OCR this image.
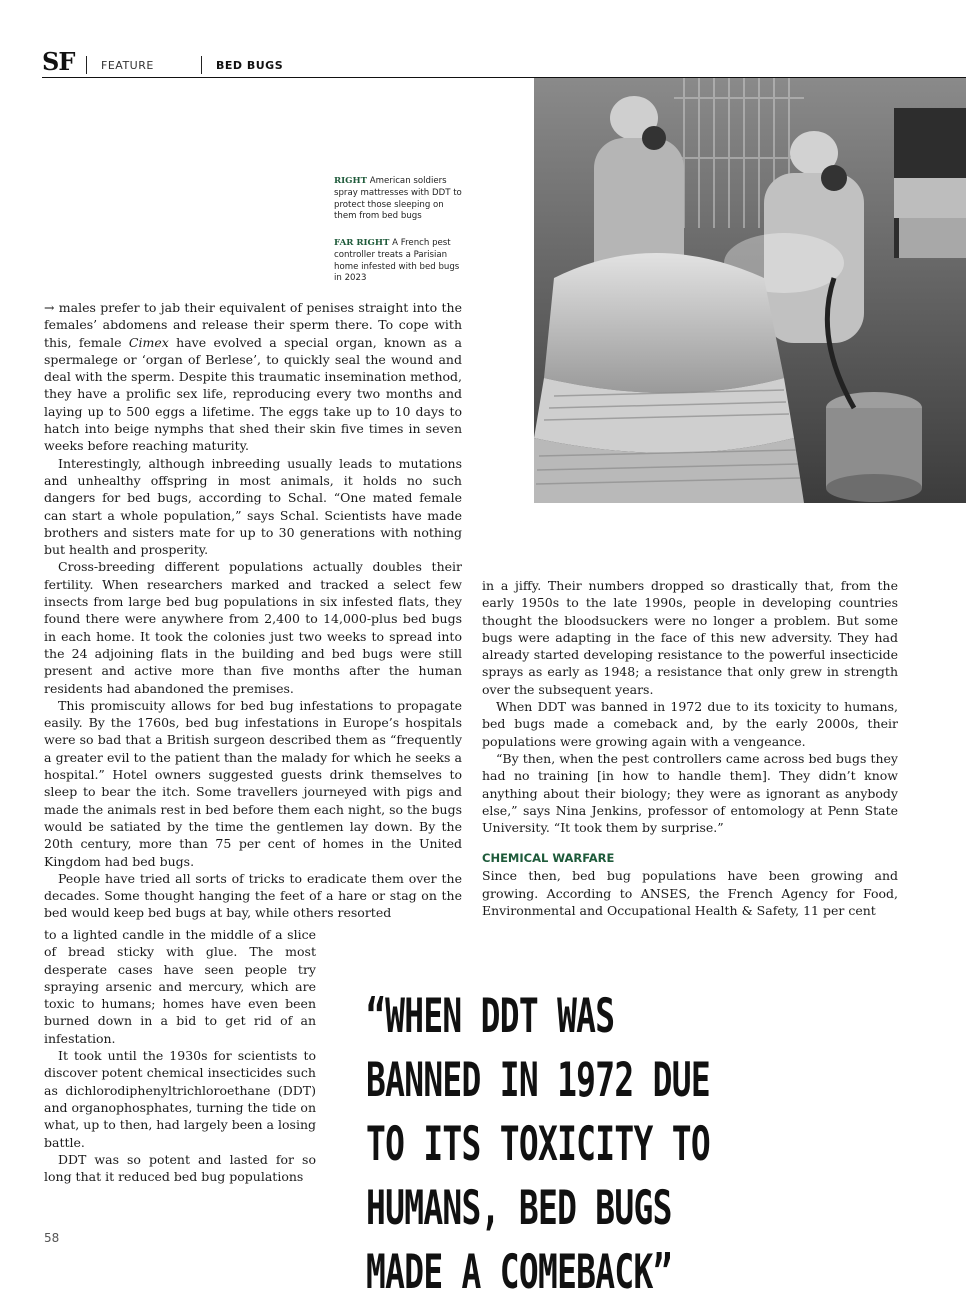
SF FEATURE	BED BUGS
RIGHT American soldiers spray mattresses with DDT to protect those sleeping on them from bed bugs
FAR RIGHT A French pest controller treats a Parisian home infested with bed bugs in 2023

→ males prefer to jab their equivalent of penises straight into the females’ abdomens and release their sperm there. To cope with this, female Cimex have evolved a special organ, known as a spermalege or ‘organ of Berlese’, to quickly seal the wound and deal with the sperm. Despite this traumatic insemination method, they have a prolific sex life, reproducing every two months and laying up to 500 eggs a lifetime. The eggs take up to 10 days to hatch into beige nymphs that shed their skin five times in seven weeks before reaching maturity.

Interestingly, although inbreeding usually leads to mutations and unhealthy offspring in most animals, it holds no such dangers for bed bugs, according to Schal. “One mated female can start a whole population,” says Schal. Scientists have made brothers and sisters mate for up to 30 generations with nothing but health and prosperity.

Cross-breeding different populations actually doubles their fertility. When researchers marked and tracked a select few insects from large bed bug populations in six infested flats, they found there were anywhere from 2,400 to 14,000-plus bed bugs in each home. It took the colonies just two weeks to spread into the 24 adjoining flats in the building and bed bugs were still present and active more than five months after the human residents had abandoned the premises.

This promiscuity allows for bed bug infestations to propagate easily. By the 1760s, bed bug infestations in Europe’s hospitals were so bad that a British surgeon described them as “frequently a greater evil to the patient than the malady for which he seeks a hospital.” Hotel owners suggested guests drink themselves to sleep to bear the itch. Some travellers journeyed with pigs and made the animals rest in bed before them each night, so the bugs would be satiated by the time the gentlemen lay down. By the 20th century, more than 75 per cent of homes in the United Kingdom had bed bugs.

People have tried all sorts of tricks to eradicate them over the decades. Some thought hanging the feet of a hare or stag on the bed would keep bed bugs at bay, while others resorted

to a lighted candle in the middle of a slice of bread sticky with glue. The most desperate cases have seen people try spraying arsenic and mercury, which are toxic to humans; homes have even been burned down in a bid to get rid of an infestation.

It took until the 1930s for scientists to discover potent chemical insecticides such as dichlorodiphenyltrichloroethane (DDT) and organophosphates, turning the tide on what, up to then, had largely been a losing battle.

DDT was so potent and lasted for so long that it reduced bed bug populations

in a jiffy. Their numbers dropped so drastically that, from the early 1950s to the late 1990s, people in developing countries thought the bloodsuckers were no longer a problem. But some bugs were adapting in the face of this new adversity. They had already started developing resistance to the powerful insecticide sprays as early as 1948; a resistance that only grew in strength over the subsequent years.

When DDT was banned in 1972 due to its toxicity to humans, bed bugs made a comeback and, by the early 2000s, their populations were growing again with a vengeance.

“By then, when the pest controllers came across bed bugs they had no training [in how to handle them]. They didn’t know anything about their biology; they were as ignorant as anybody else,” says Nina Jenkins, professor of entomology at Penn State University. “It took them by surprise.”

CHEMICAL WARFARE

Since then, bed bug populations have been growing and growing. According to ANSES, the French Agency for Food, Environmental and Occupational Health & Safety, 11 per cent

“WHEN DDT WAS BANNED IN 1972 DUE TO ITS TOXICITY TO HUMANS, BED BUGS MADE A COMEBACK”
58
